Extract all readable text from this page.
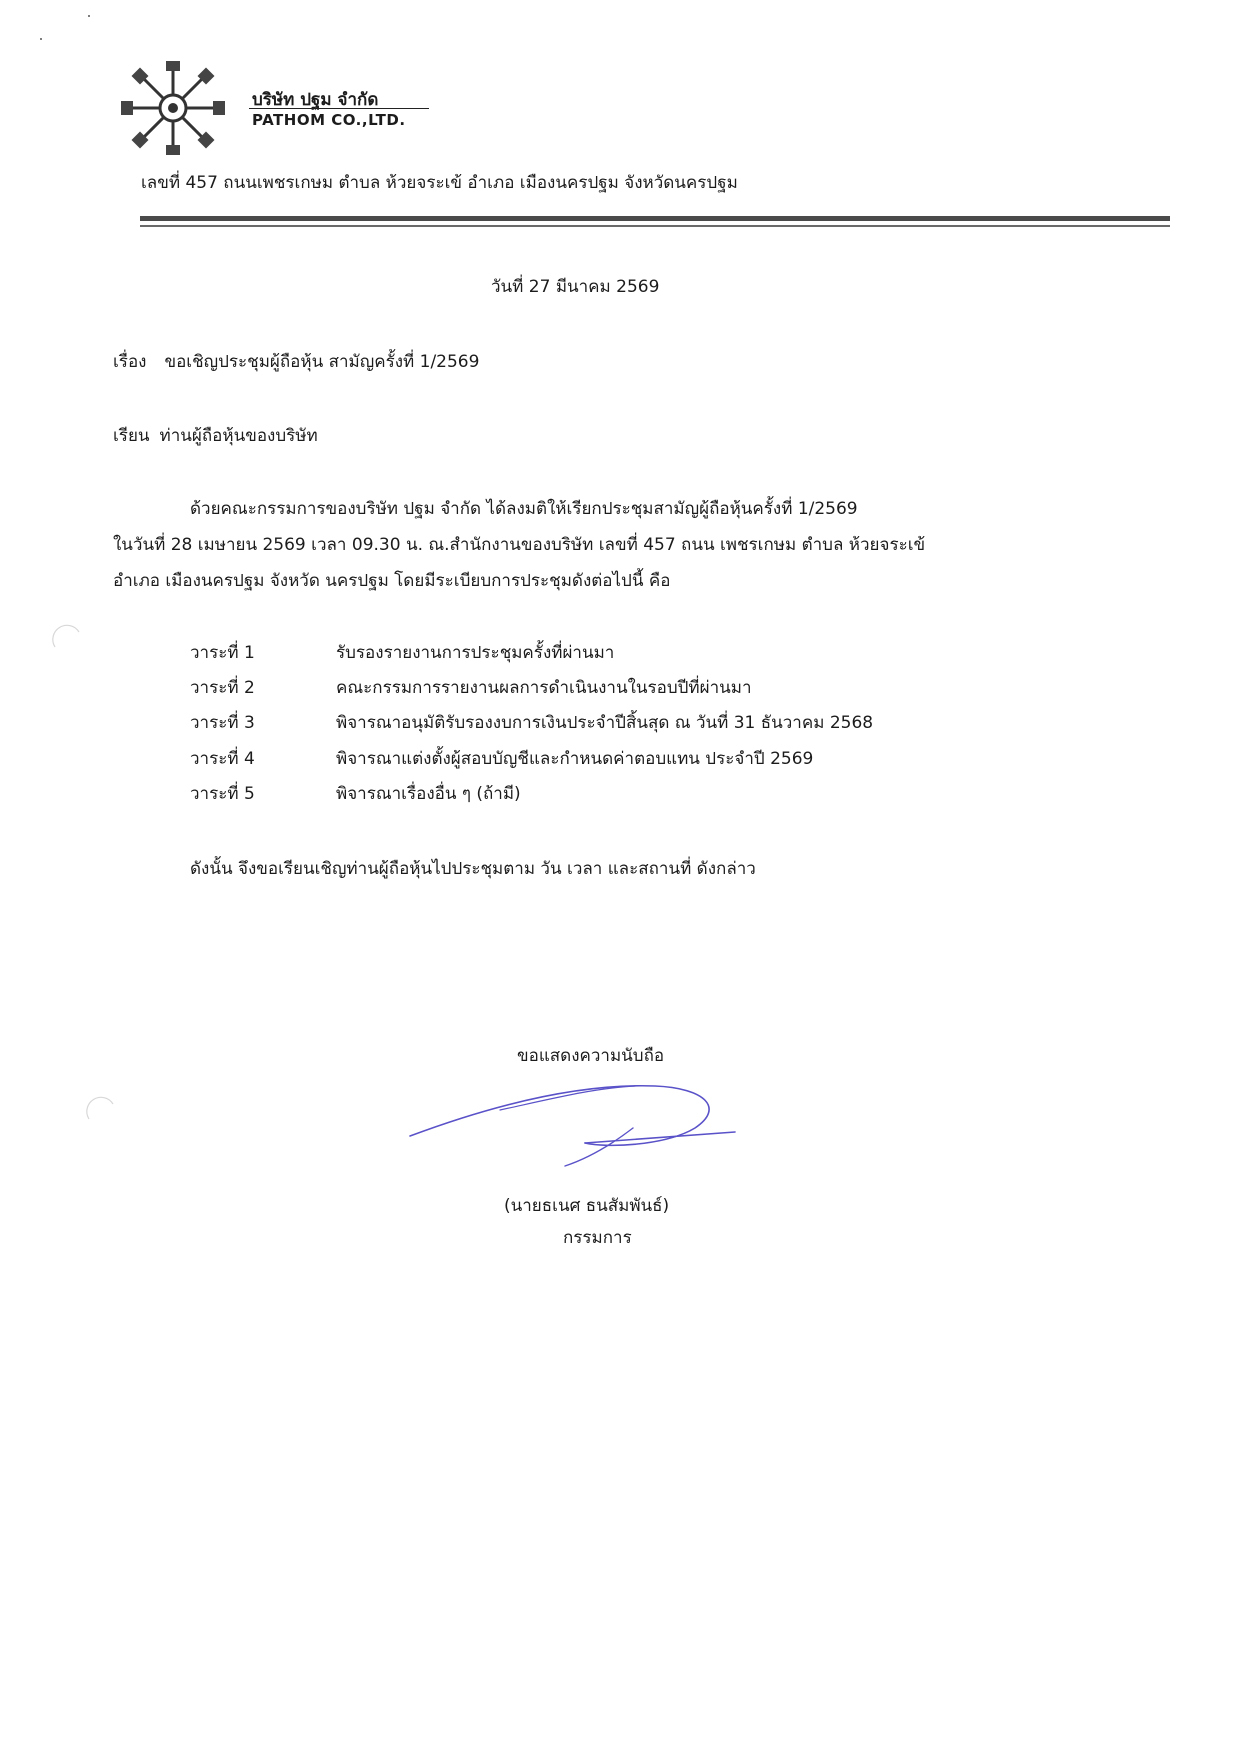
บริษัท ปฐม จำกัด
PATHOM CO.,LTD.
เลขที่ 457 ถนนเพชรเกษม ตำบล ห้วยจระเข้ อำเภอ เมืองนครปฐม จังหวัดนครปฐม
วันที่ 27 มีนาคม 2569
เรื่อง ขอเชิญประชุมผู้ถือหุ้น สามัญครั้งที่ 1/2569
เรียน ท่านผู้ถือหุ้นของบริษัท
ด้วยคณะกรรมการของบริษัท ปฐม จำกัด ได้ลงมติให้เรียกประชุมสามัญผู้ถือหุ้นครั้งที่ 1/2569
ในวันที่ 28 เมษายน 2569 เวลา 09.30 น. ณ.สำนักงานของบริษัท เลขที่ 457 ถนน เพชรเกษม ตำบล ห้วยจระเข้
อำเภอ เมืองนครปฐม จังหวัด นครปฐม โดยมีระเบียบการประชุมดังต่อไปนี้ คือ
วาระที่ 1	รับรองรายงานการประชุมครั้งที่ผ่านมา
วาระที่ 2	คณะกรรมการรายงานผลการดำเนินงานในรอบปีที่ผ่านมา
วาระที่ 3	พิจารณาอนุมัติรับรองงบการเงินประจำปีสิ้นสุด ณ วันที่ 31 ธันวาคม 2568
วาระที่ 4	พิจารณาแต่งตั้งผู้สอบบัญชีและกำหนดค่าตอบแทน ประจำปี 2569
วาระที่ 5	พิจารณาเรื่องอื่น ๆ (ถ้ามี)
ดังนั้น จึงขอเรียนเชิญท่านผู้ถือหุ้นไปประชุมตาม วัน เวลา และสถานที่ ดังกล่าว
ขอแสดงความนับถือ
(นายธเนศ ธนสัมพันธ์)
กรรมการ
